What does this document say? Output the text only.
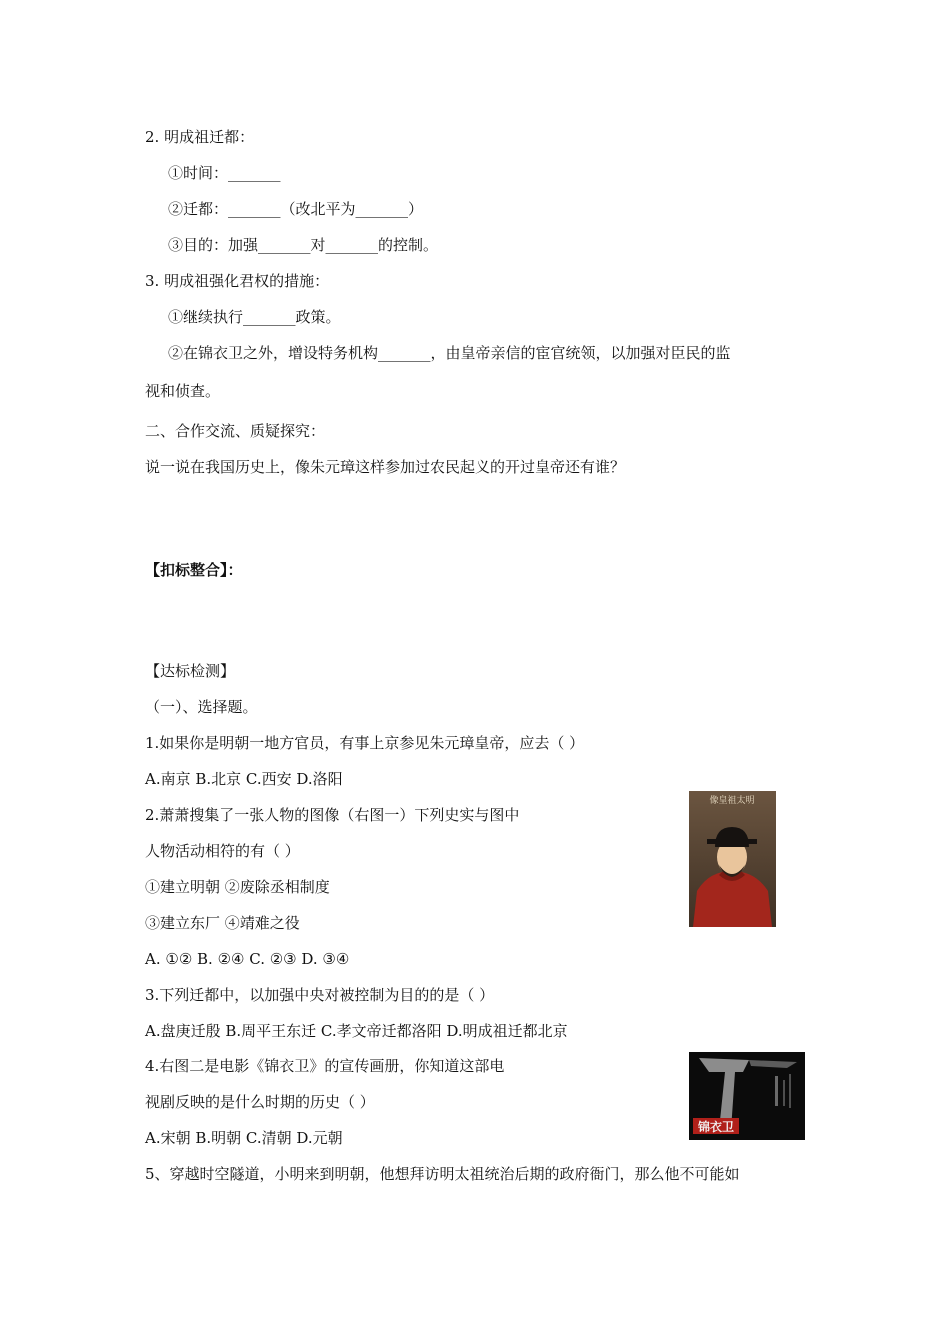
2. 明成祖迁都：
①时间：_______
②迁都：_______（改北平为_______）
③目的：加强_______对_______的控制。
3. 明成祖强化君权的措施：
①继续执行_______政策。
②在锦衣卫之外，增设特务机构_______，由皇帝亲信的宦官统领，以加强对臣民的监
视和侦查。
二、合作交流、质疑探究：
说一说在我国历史上，像朱元璋这样参加过农民起义的开过皇帝还有谁？
【扣标整合】：
【达标检测】
（一）、选择题。
1.如果你是明朝一地方官员，有事上京参见朱元璋皇帝，应去（ ）
A.南京 B.北京 C.西安 D.洛阳
2.萧萧搜集了一张人物的图像（右图一）下列史实与图中
人物活动相符的有（ ）
①建立明朝 ②废除丞相制度
③建立东厂 ④靖难之役
A. ①② B. ②④ C. ②③ D. ③④
3.下列迁都中，以加强中央对被控制为目的的是（ ）
A.盘庚迁殷 B.周平王东迁 C.孝文帝迁都洛阳 D.明成祖迁都北京
4.右图二是电影《锦衣卫》的宣传画册，你知道这部电
视剧反映的是什么时期的历史（ ）
A.宋朝 B.明朝 C.清朝 D.元朝
5、穿越时空隧道，小明来到明朝，他想拜访明太祖统治后期的政府衙门，那么他不可能如
像皇祖太明
锦衣卫
